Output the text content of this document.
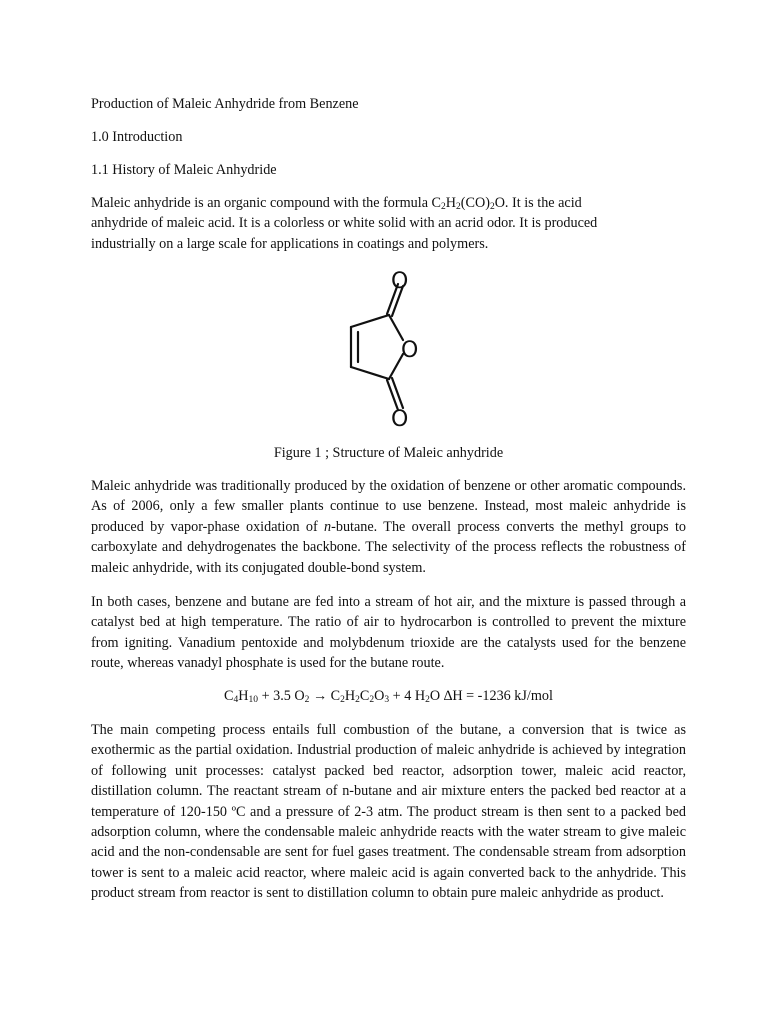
Production of Maleic Anhydride from Benzene

1.0 Introduction

1.1 History of Maleic Anhydride

Maleic anhydride is an organic compound with the formula $C_2H_2(CO)_2O$. It is the acid
anhydride of maleic acid. It is a colorless or white solid with an acrid odor. It is produced
industrially on a large scale for applications in coatings and polymers.

O
O
O

Figure 1 ; Structure of Maleic anhydride

Maleic anhydride was traditionally produced by the oxidation of benzene or other aromatic compounds. As of 2006, only a few smaller plants continue to use benzene. Instead, most maleic anhydride is produced by vapor-phase oxidation of n-butane. The overall process converts the methyl groups to carboxylate and dehydrogenates the backbone. The selectivity of the process reflects the robustness of maleic anhydride, with its conjugated double-bond system.

In both cases, benzene and butane are fed into a stream of hot air, and the mixture is passed through a catalyst bed at high temperature. The ratio of air to hydrocarbon is controlled to prevent the mixture from igniting. Vanadium pentoxide and molybdenum trioxide are the catalysts used for the benzene route, whereas vanadyl phosphate is used for the butane route.

$C_4H_{10} + 3.5$ $O_2 \to C_2H_2C_2O_3 + 4$ $H_2O$ ∆H = -1236 kJ/mol

The main competing process entails full combustion of the butane, a conversion that is twice as exothermic as the partial oxidation. Industrial production of maleic anhydride is achieved by integration of following unit processes: catalyst packed bed reactor, adsorption tower, maleic acid reactor, distillation column. The reactant stream of n-butane and air mixture enters the packed bed reactor at a temperature of 120-150 ºC and a pressure of 2-3 atm. The product stream is then sent to a packed bed adsorption column, where the condensable maleic anhydride reacts with the water stream to give maleic acid and the non-condensable are sent for fuel gases treatment. The condensable stream from adsorption tower is sent to a maleic acid reactor, where maleic acid is again converted back to the anhydride. This product stream from reactor is sent to distillation column to obtain pure maleic anhydride as product.
